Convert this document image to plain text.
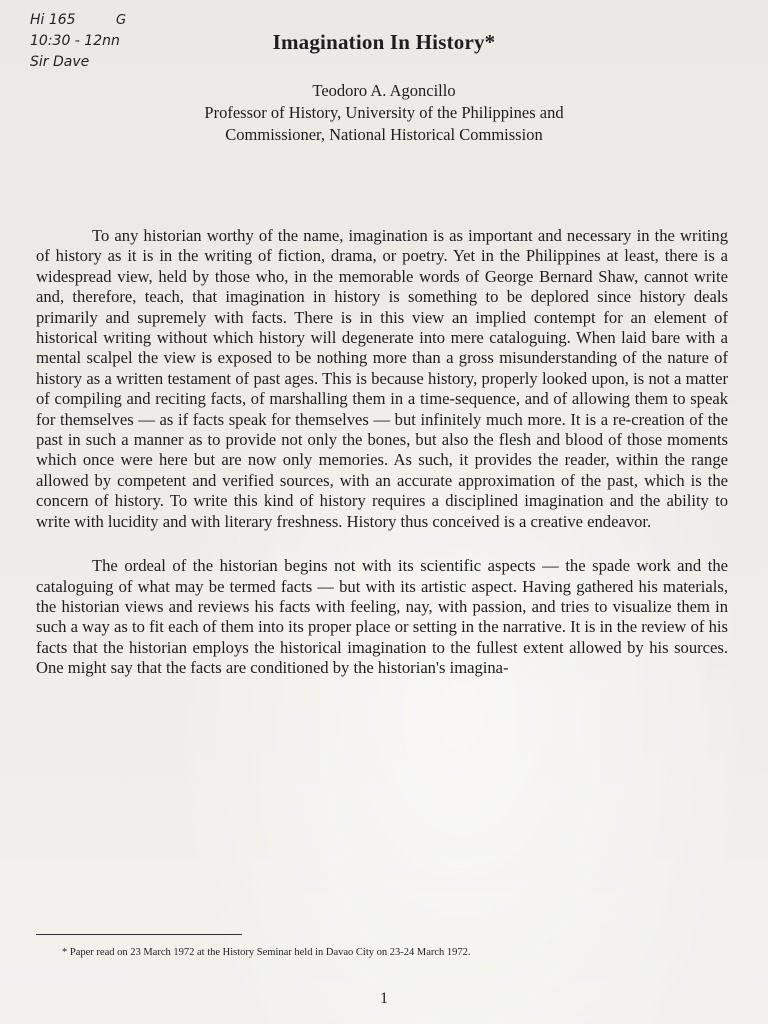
Hi 165	G
10:30 - 12nn
Sir Dave
Imagination In History*
Teodoro A. Agoncillo
Professor of History, University of the Philippines and
Commissioner, National Historical Commission

To any historian worthy of the name, imagination is as important and necessary in the writing of history as it is in the writing of fiction, drama, or poetry. Yet in the Philippines at least, there is a widespread view, held by those who, in the memorable words of George Bernard Shaw, cannot write and, therefore, teach, that imagination in history is something to be deplored since history deals primarily and supremely with facts. There is in this view an implied contempt for an element of historical writing without which history will degenerate into mere cataloguing. When laid bare with a mental scalpel the view is exposed to be nothing more than a gross misunderstanding of the nature of history as a written testament of past ages. This is because history, properly looked upon, is not a matter of compiling and reciting facts, of marshalling them in a time-sequence, and of allowing them to speak for themselves — as if facts speak for themselves — but infinitely much more. It is a re-creation of the past in such a manner as to provide not only the bones, but also the flesh and blood of those moments which once were here but are now only memories. As such, it provides the reader, within the range allowed by competent and verified sources, with an accurate approximation of the past, which is the concern of history. To write this kind of history requires a disciplined imagination and the ability to write with lucidity and with literary freshness. History thus conceived is a creative endeavor.

The ordeal of the historian begins not with its scientific aspects — the spade work and the cataloguing of what may be termed facts — but with its artistic aspect. Having gathered his materials, the historian views and reviews his facts with feeling, nay, with passion, and tries to visualize them in such a way as to fit each of them into its proper place or setting in the narrative. It is in the review of his facts that the historian employs the historical imagination to the fullest extent allowed by his sources. One might say that the facts are conditioned by the historian's imagina-

* Paper read on 23 March 1972 at the History Seminar held in Davao City on 23-24 March 1972.
1
